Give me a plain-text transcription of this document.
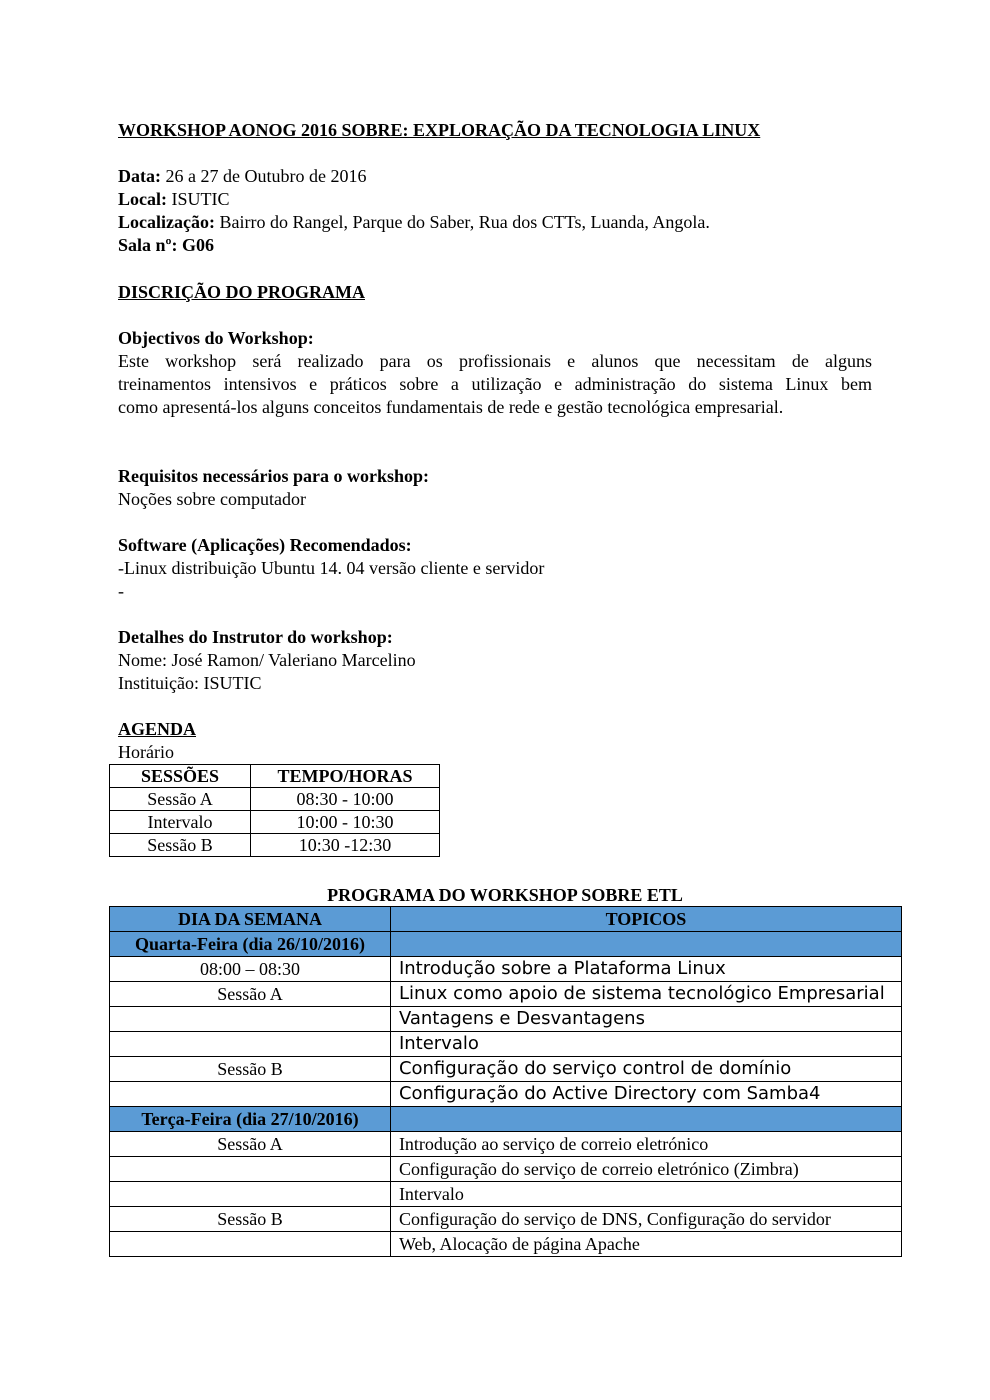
WORKSHOP AONOG 2016 SOBRE: EXPLORAÇÃO DA TECNOLOGIA LINUX
Data: 26 a 27 de Outubro de 2016
Local: ISUTIC
Localização: Bairro do Rangel, Parque do Saber, Rua dos CTTs, Luanda, Angola.
Sala nº: G06
DISCRIÇÃO DO PROGRAMA
Objectivos do Workshop:
Este workshop será realizado para os profissionais e alunos que necessitam de alguns
treinamentos intensivos e práticos sobre a utilização e administração do sistema Linux bem
como apresentá-los alguns conceitos fundamentais de rede e gestão tecnológica empresarial.
Requisitos necessários para o workshop:
Noções sobre computador
Software (Aplicações) Recomendados:
-Linux distribuição Ubuntu 14. 04 versão cliente e servidor
-
Detalhes do Instrutor do workshop:
Nome: José Ramon/ Valeriano Marcelino
Instituição: ISUTIC
AGENDA
Horário
SESSÕES	TEMPO/HORAS
Sessão A	08:30 - 10:00
Intervalo	10:00 - 10:30
Sessão B	10:30 -12:30
PROGRAMA DO WORKSHOP SOBRE ETL
DIA DA SEMANA	TOPICOS
Quarta-Feira (dia 26/10/2016)	
08:00 – 08:30	Introdução sobre a Plataforma Linux
Sessão A	Linux como apoio de sistema tecnológico Empresarial
	Vantagens e Desvantagens
	Intervalo
Sessão B	Configuração do serviço control de domínio
	Configuração do Active Directory com Samba4
Terça-Feira (dia 27/10/2016)	
Sessão A	Introdução ao serviço de correio eletrónico
	Configuração do serviço de correio eletrónico (Zimbra)
	Intervalo
Sessão B	Configuração do serviço de DNS, Configuração do servidor
	Web, Alocação de página Apache
